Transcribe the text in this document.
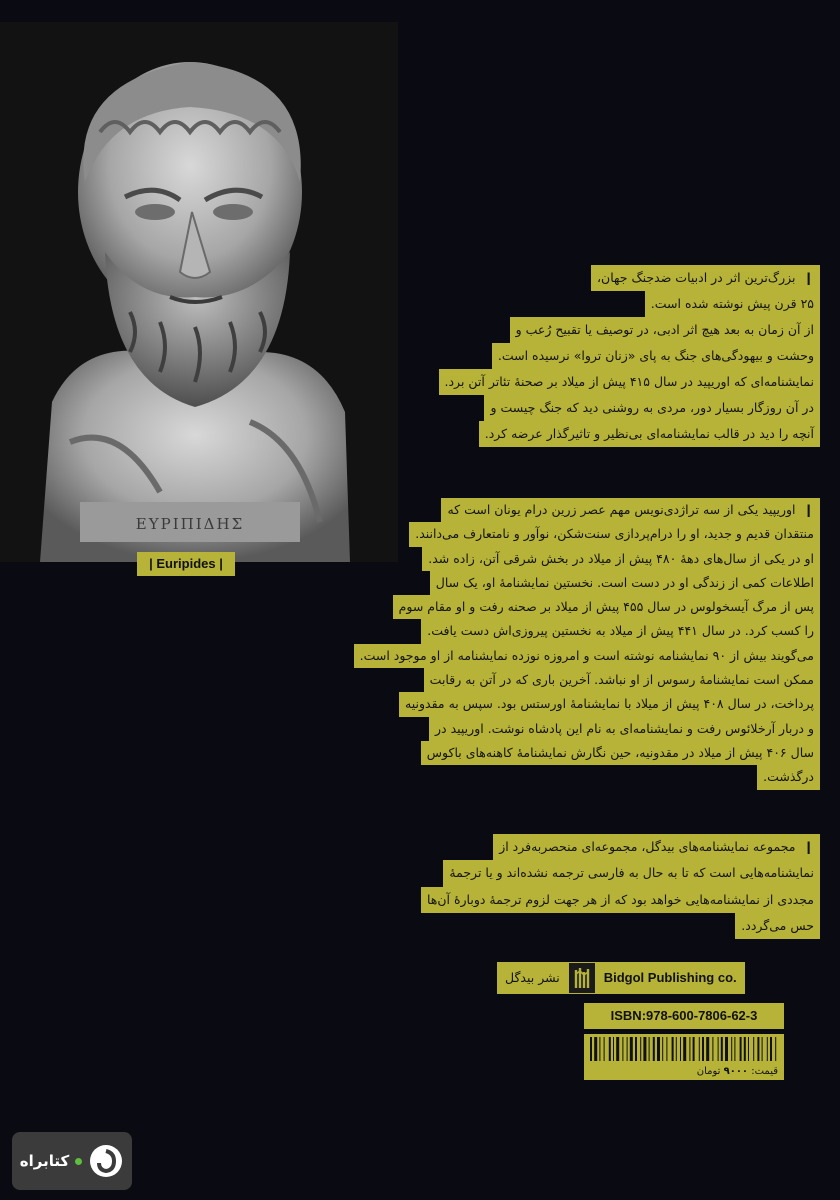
ΕΥΡΙΠΙΔΗΣ
| Euripides |
❙ بزرگ‌ترین اثر در ادبیات ضدجنگ جهان،
۲۵ قرن پیش نوشته شده است.
از آن زمان به بعد هیچ اثر ادبی، در توصیف یا تقبیح رُعب و
وحشت و بیهودگی‌های جنگ به پای «زنان تروا» نرسیده است.
نمایشنامه‌ای که اوریپید در سال ۴۱۵ پیش از میلاد بر صحنهٔ تئاتر آتن برد.
در آن روزگار بسیار دور، مردی به روشنی دید که جنگ چیست و
آنچه را دید در قالب نمایشنامه‌ای بی‌نظیر و تاثیرگذار عرضه کرد.
❙ اوریپید یکی از سه تراژدی‌نویس مهم عصر زرین درام یونان است که
منتقدان قدیم و جدید، او را درام‌پردازی سنت‌شکن، نوآور و نامتعارف می‌دانند.
او در یکی از سال‌های دههٔ ۴۸۰ پیش از میلاد در بخش شرقی آتن، زاده شد.
اطلاعات کمی از زندگی او در دست است. نخستین نمایشنامهٔ او، یک سال
پس از مرگ آیسخولوس در سال ۴۵۵ پیش از میلاد بر صحنه رفت و او مقام سوم
را کسب کرد. در سال ۴۴۱ پیش از میلاد به نخستین پیروزی‌اش دست یافت.
می‌گویند بیش از ۹۰ نمایشنامه نوشته است و امروزه نوزده نمایشنامه از او موجود است.
ممکن است نمایشنامهٔ رسوس از او نباشد. آخرین باری که در آتن به رقابت
پرداخت، در سال ۴۰۸ پیش از میلاد با نمایشنامهٔ اورستس بود. سپس به مقدونیه
و دربار آرخلائوس رفت و نمایشنامه‌ای به نام این پادشاه نوشت. اوریپید در
سال ۴۰۶ پیش از میلاد در مقدونیه، حین نگارش نمایشنامهٔ کاهنه‌های باکوس
درگذشت.
❙ مجموعه نمایشنامه‌های بیدگل، مجموعه‌ای منحصربه‌فرد از
نمایشنامه‌هایی است که تا به حال به فارسی ترجمه نشده‌اند و یا ترجمهٔ
مجددی از نمایشنامه‌هایی خواهد بود که از هر جهت لزوم ترجمهٔ دوبارهٔ آن‌ها
حس می‌گردد.
نشر بیدگل	Bidgol Publishing co.
ISBN:978-600-7806-62-3
قیمت: ۹۰۰۰ تومان
کتابراه
